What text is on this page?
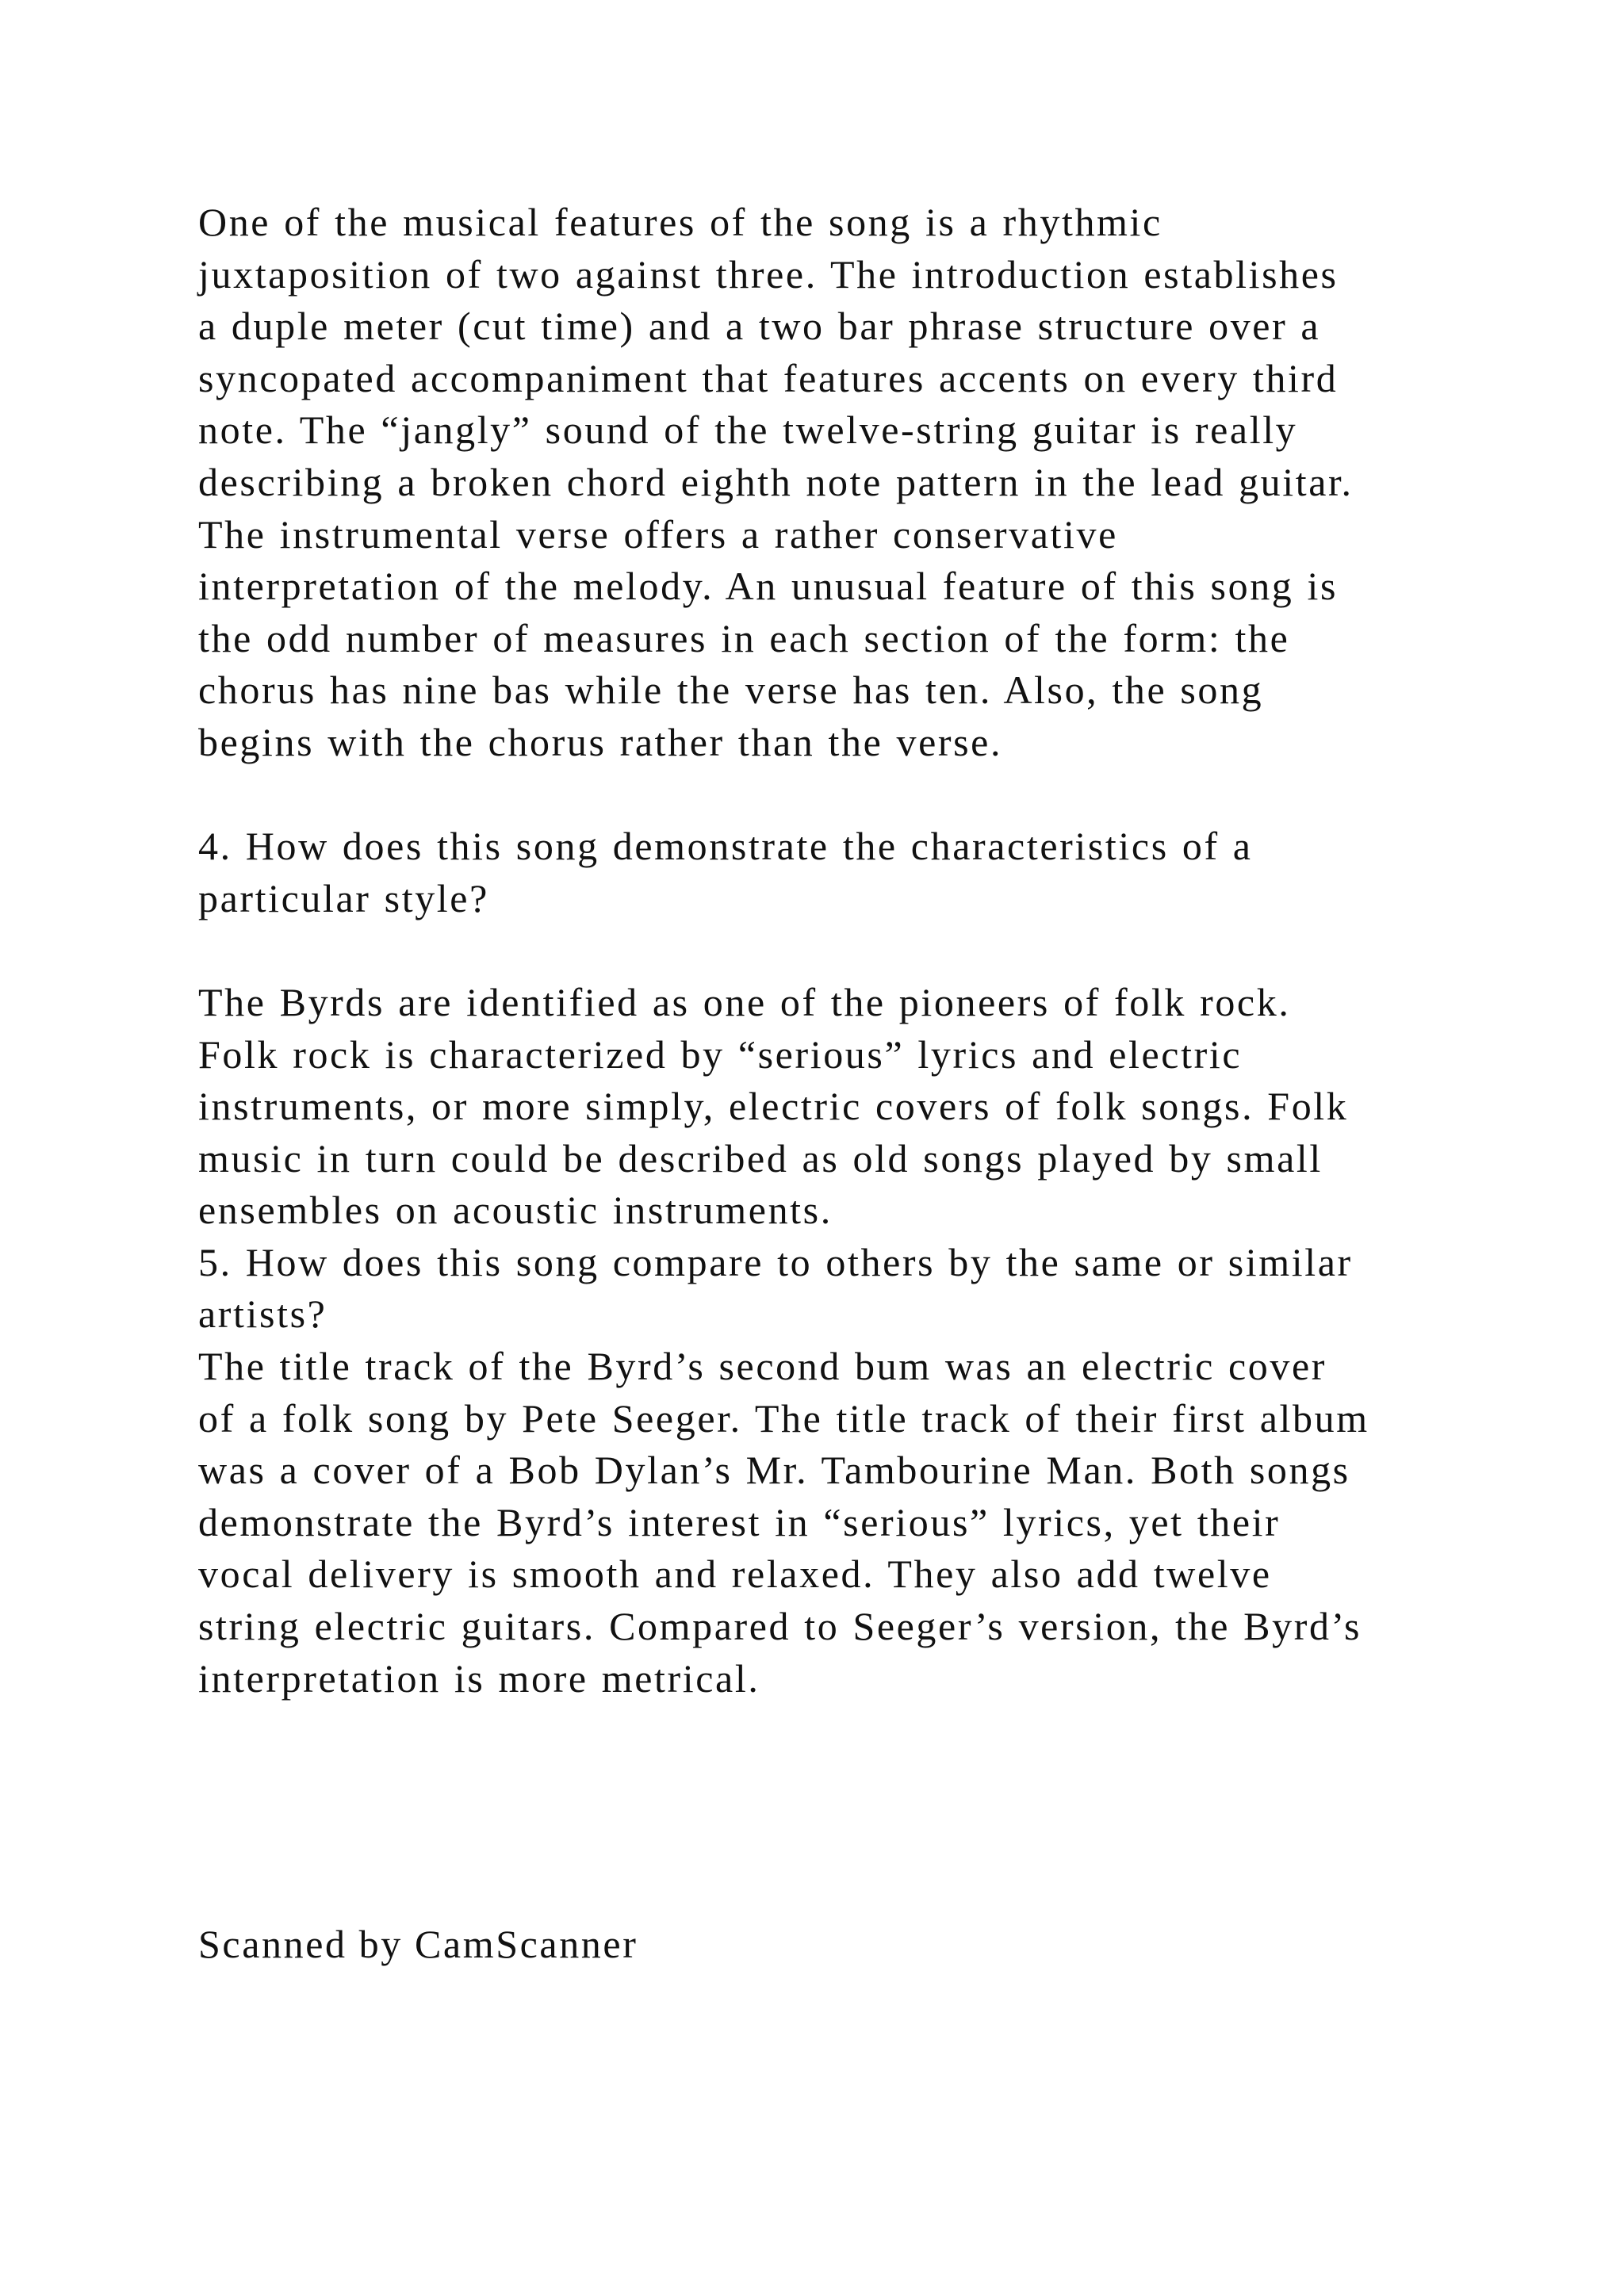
One of the musical features of the song is a rhythmic
juxtaposition of two against three. The introduction establishes
a duple meter (cut time) and a two bar phrase structure over a
syncopated accompaniment that features accents on every third
note. The “jangly” sound of the twelve-string guitar is really
describing a broken chord eighth note pattern in the lead guitar.
The instrumental verse offers a rather conservative
interpretation of the melody. An unusual feature of this song is
the odd number of measures in each section of the form: the
chorus has nine bas while the verse has ten. Also, the song
begins with the chorus rather than the verse.
4. How does this song demonstrate the characteristics of a
particular style?
The Byrds are identified as one of the pioneers of folk rock.
Folk rock is characterized by “serious” lyrics and electric
instruments, or more simply, electric covers of folk songs. Folk
music in turn could be described as old songs played by small
ensembles on acoustic instruments.
5. How does this song compare to others by the same or similar
artists?
The title track of the Byrd’s second bum was an electric cover
of a folk song by Pete Seeger. The title track of their first album
was a cover of a Bob Dylan’s Mr. Tambourine Man. Both songs
demonstrate the Byrd’s interest in “serious” lyrics, yet their
vocal delivery is smooth and relaxed. They also add twelve
string electric guitars. Compared to Seeger’s version, the Byrd’s
interpretation is more metrical.
Scanned by CamScanner
